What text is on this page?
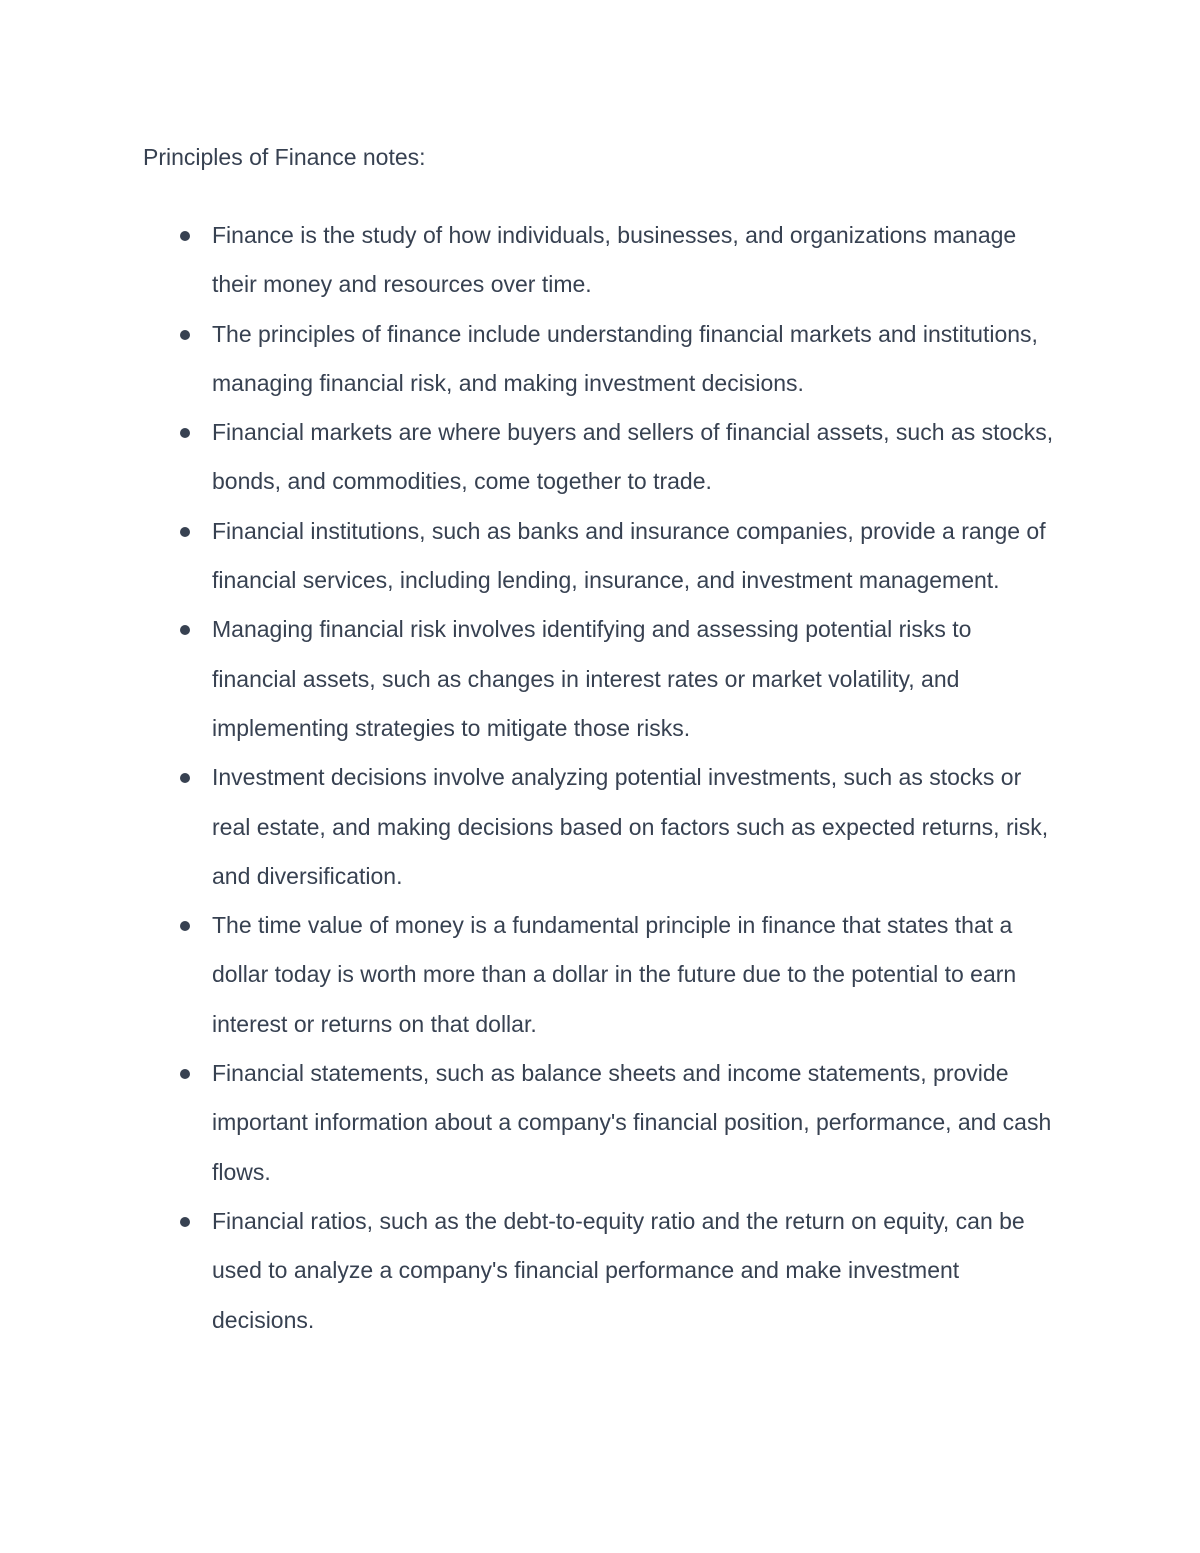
Principles of Finance notes:
Finance is the study of how individuals, businesses, and organizations manage their money and resources over time.
The principles of finance include understanding financial markets and institutions, managing financial risk, and making investment decisions.
Financial markets are where buyers and sellers of financial assets, such as stocks, bonds, and commodities, come together to trade.
Financial institutions, such as banks and insurance companies, provide a range of financial services, including lending, insurance, and investment management.
Managing financial risk involves identifying and assessing potential risks to financial assets, such as changes in interest rates or market volatility, and implementing strategies to mitigate those risks.
Investment decisions involve analyzing potential investments, such as stocks or real estate, and making decisions based on factors such as expected returns, risk, and diversification.
The time value of money is a fundamental principle in finance that states that a dollar today is worth more than a dollar in the future due to the potential to earn interest or returns on that dollar.
Financial statements, such as balance sheets and income statements, provide important information about a company's financial position, performance, and cash flows.
Financial ratios, such as the debt-to-equity ratio and the return on equity, can be used to analyze a company's financial performance and make investment decisions.
